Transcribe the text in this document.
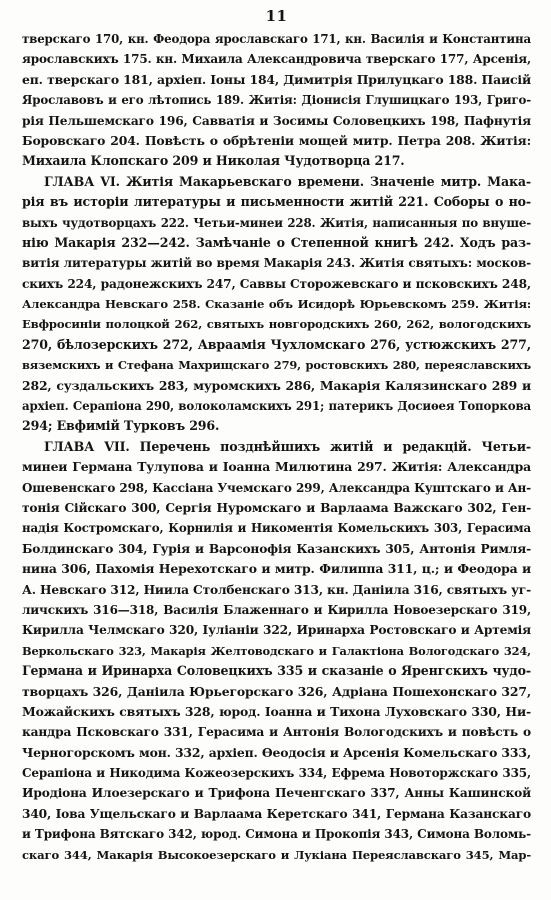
11
тверскаго 170, кн. Феодора ярославскаго 171, кн. Василія и Константина
ярославскихъ 175. кн. Михаила Александровича тверскаго 177, Арсенія,
еп. тверскаго 181, архіеп. Іоны 184, Димитрія Прилуцкаго 188. Паисій
Ярославовъ и его лѣтопись 189. Житія: Діонисія Глушицкаго 193, Григо-
рія Пельшемскаго 196, Савватія и Зосимы Соловецкихъ 198, Пафнутія
Боровскаго 204. Повѣсть о обрѣтеніи мощей митр. Петра 208. Житія:
Михаила Клопскаго 209 и Николая Чудотворца 217.
ГЛАВА VI. Житія Макарьевскаго времени. Значеніе митр. Мака-
рія въ исторіи литературы и письменности житій 221. Соборы о но-
выхъ чудотворцахъ 222. Четьи-минеи 228. Житія, написанныя по внуше-
нію Макарія 232—242. Замѣчаніе о Степенной книгѣ 242. Ходъ раз-
витія литературы житій во время Макарія 243. Житія святыхъ: москов-
скихъ 224, радонежскихъ 247, Саввы Сторожевскаго и псковскихъ 248,
Александра Невскаго 258. Сказаніе объ Исидорѣ Юрьевскомъ 259. Житія:
Евфросиніи полоцкой 262, святыхъ новгородскихъ 260, 262, вологодскихъ
270, бѣлозерскихъ 272, Авраамія Чухломскаго 276, устюжскихъ 277,
вяземскихъ и Стефана Махрищскаго 279, ростовскихъ 280, переяславскихъ
282, суздальскихъ 283, муромскихъ 286, Макарія Калязинскаго 289 и
архіеп. Серапіона 290, волоколамскихъ 291; патерикъ Досиѳея Топоркова
294; Евфимій Турковъ 296.
ГЛАВА VII. Перечень позднѣйшихъ житій и редакцій. Четьи-
минеи Германа Тулупова и Іоанна Милютина 297. Житія: Александра
Ошевенскаго 298, Кассіана Учемскаго 299, Александра Куштскаго и Ан-
тонія Сійскаго 300, Сергія Нуромскаго и Варлаама Важскаго 302, Ген-
надія Костромскаго, Корнилія и Никоментія Комельскихъ 303, Герасима
Болдинскаго 304, Гурія и Варсонофія Казанскихъ 305, Антонія Римля-
нина 306, Пахомія Нерехотскаго и митр. Филиппа 311, ц.; и Феодора и
А. Невскаго 312, Ниила Столбенскаго 313, кн. Даніила 316, святыхъ уг-
личскихъ 316—318, Василія Блаженнаго и Кирилла Новоезерскаго 319,
Кирилла Челмскаго 320, Іуліаніи 322, Иринарха Ростовскаго и Артемія
Веркольскаго 323, Макарія Желтоводскаго и Галактіона Вологодскаго 324,
Германа и Иринарха Соловецкихъ 335 и сказаніе о Яренгскихъ чудо-
творцахъ 326, Даніила Юрьегорскаго 326, Адріана Пошехонскаго 327,
Можайскихъ святыхъ 328, юрод. Іоанна и Тихона Луховскаго 330, Ни-
кандра Псковскаго 331, Герасима и Антонія Вологодскихъ и повѣсть о
Черногорскомъ мон. 332, архіеп. Ѳеодосія и Арсенія Комельскаго 333,
Серапіона и Никодима Кожеозерскихъ 334, Ефрема Новоторжскаго 335,
Иродіона Илоезерскаго и Трифона Печенгскаго 337, Анны Кашинской
340, Іова Ущельскаго и Варлаама Керетскаго 341, Германа Казанскаго
и Трифона Вятскаго 342, юрод. Симона и Прокопія 343, Симона Воломь-
скаго 344, Макарія Высокоезерскаго и Лукіана Переяславскаго 345, Мар-
